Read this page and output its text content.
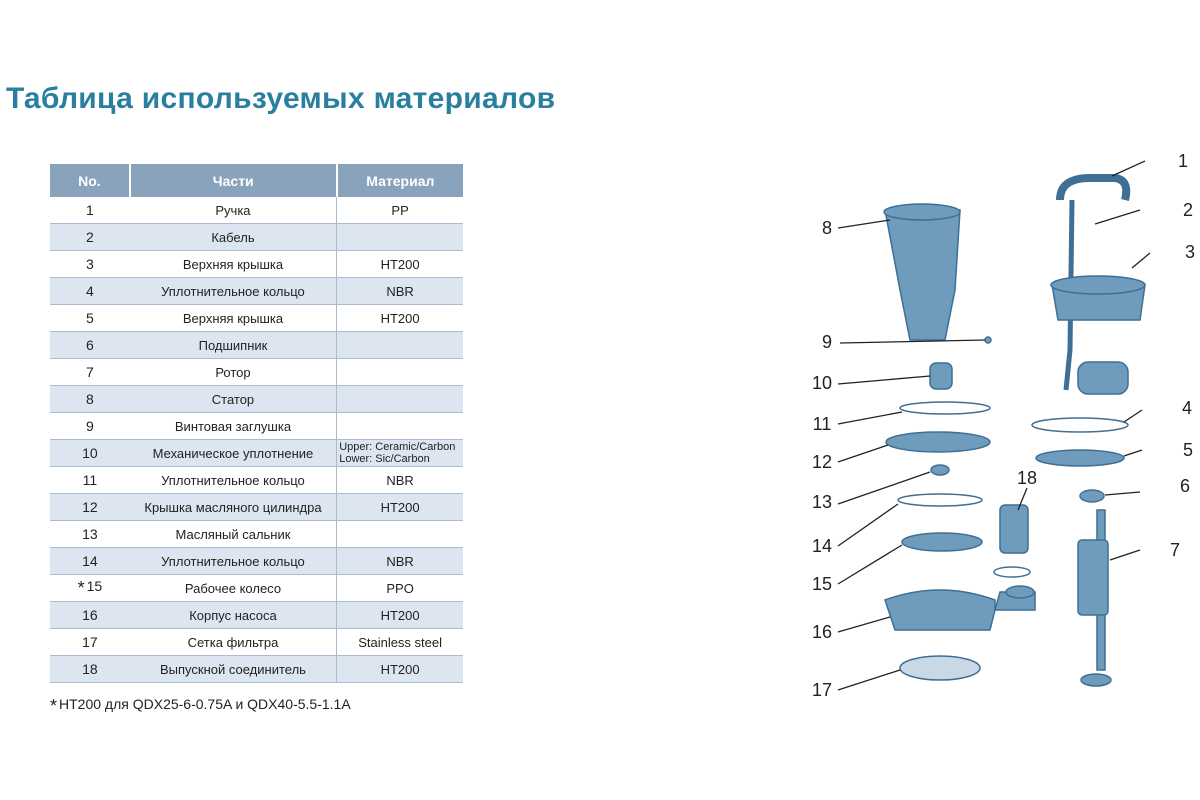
Таблица используемых материалов
No.	Части	Материал
1	Ручка	PP

2	Кабель	

3	Верхняя крышка	HT200

4	Уплотнительное кольцо	NBR

5	Верхняя крышка	HT200

6	Подшипник	

7	Ротор	

8	Статор	

9	Винтовая заглушка	

10	Механическое уплотнение	Upper: Ceramic/Carbon
Lower: Sic/Carbon

11	Уплотнительное кольцо	NBR

12	Крышка масляного цилиндра	HT200

13	Масляный сальник	

14	Уплотнительное кольцо	NBR

* 15	Рабочее колесо	PPO

16	Корпус насоса	HT200

17	Сетка фильтра	Stainless steel

18	Выпускной соединитель	HT200
* HT200 для QDX25-6-0.75A и QDX40-5.5-1.1A
1
2
3
4
5
6
7
8
9
10
11
12
13
14
15
16
17
18
